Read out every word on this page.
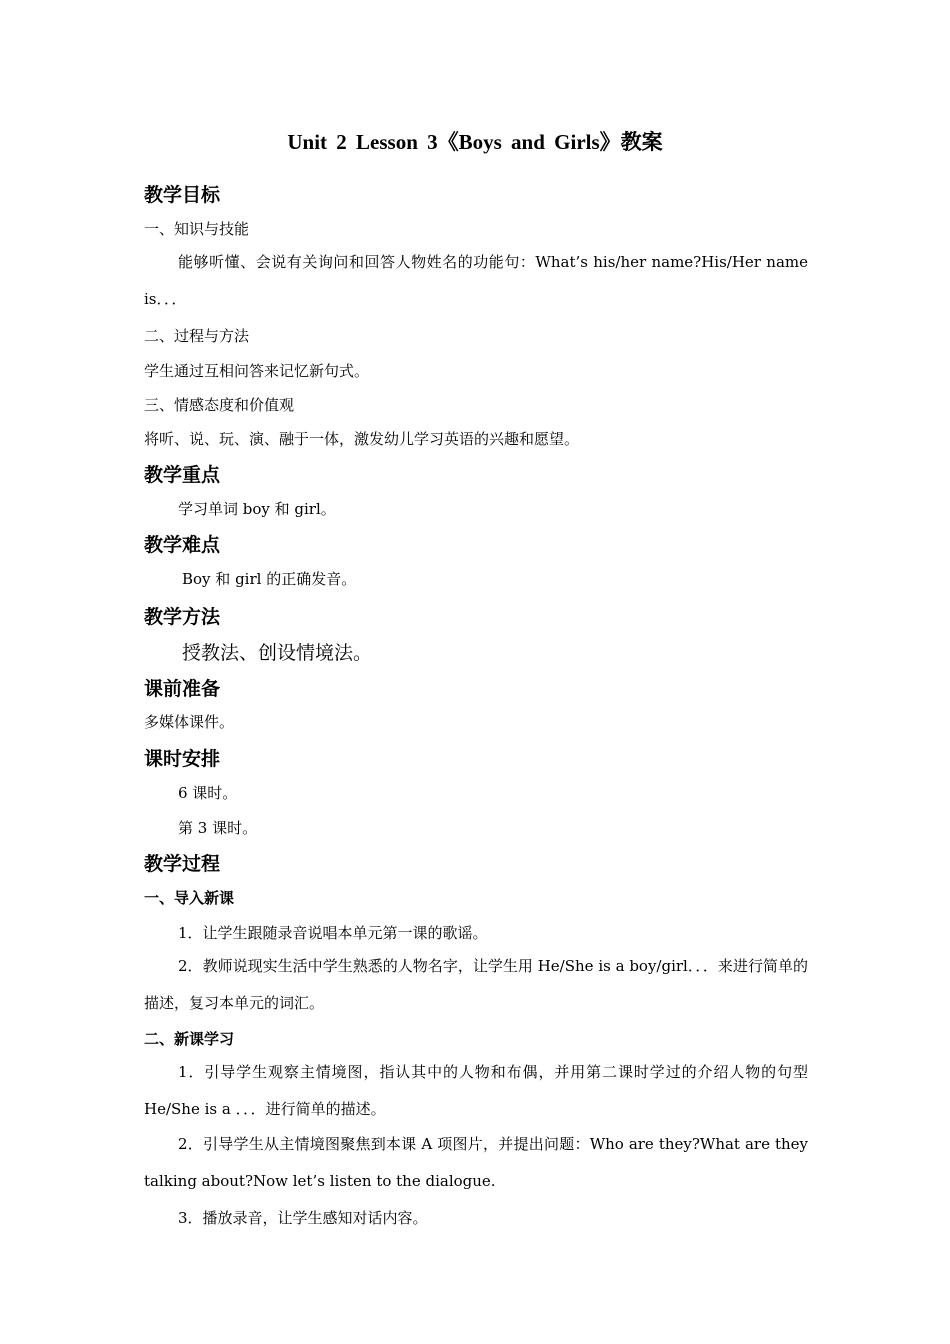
Unit 2 Lesson 3《Boys and Girls》教案
教学目标
一、知识与技能
能够听懂、会说有关询问和回答人物姓名的功能句：What’s his/her name?His/Her name is．．．
二、过程与方法
学生通过互相问答来记忆新句式。
三、情感态度和价值观
将听、说、玩、演、融于一体，激发幼儿学习英语的兴趣和愿望。
教学重点
学习单词 boy 和 girl。
教学难点
Boy 和 girl 的正确发音。
教学方法
授教法、创设情境法。
课前准备
多媒体课件。
课时安排
6 课时。
第 3 课时。
教学过程
一、导入新课
1．让学生跟随录音说唱本单元第一课的歌谣。
2．教师说现实生活中学生熟悉的人物名字，让学生用 He/She is a boy/girl．．．来进行简单的描述，复习本单元的词汇。
二、新课学习
1．引导学生观察主情境图，指认其中的人物和布偶，并用第二课时学过的介绍人物的句型 He/She is a ．．．进行简单的描述。
2．引导学生从主情境图聚焦到本课 A 项图片，并提出问题：Who are they?What are they talking about?Now let’s listen to the dialogue.
3．播放录音，让学生感知对话内容。
